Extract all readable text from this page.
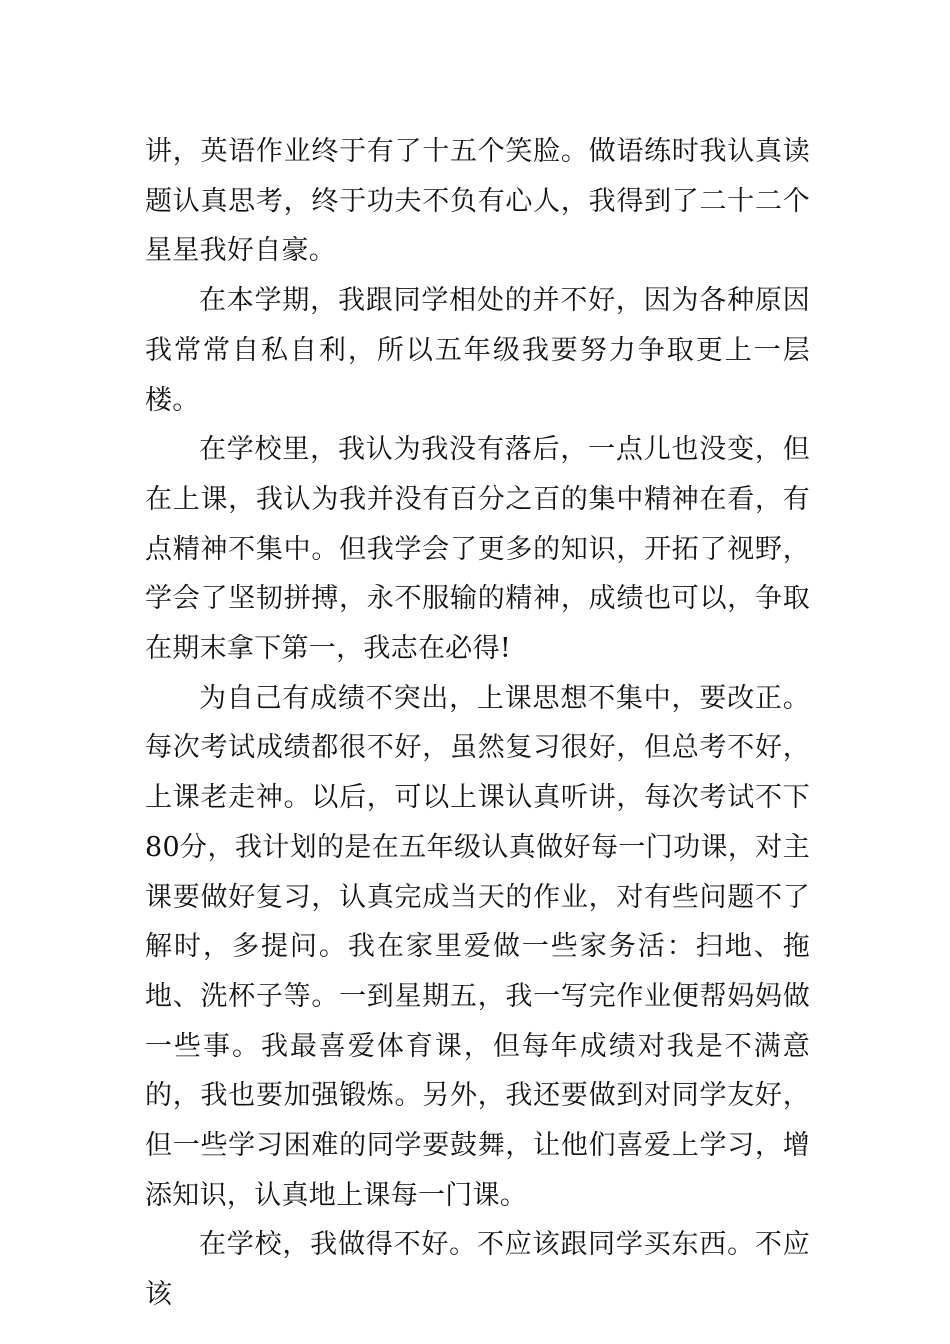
讲，英语作业终于有了十五个笑脸。做语练时我认真读题认真思考，终于功夫不负有心人，我得到了二十二个星星我好自豪。

在本学期，我跟同学相处的并不好，因为各种原因我常常自私自利，所以五年级我要努力争取更上一层楼。

在学校里，我认为我没有落后，一点儿也没变，但在上课，我认为我并没有百分之百的集中精神在看，有点精神不集中。但我学会了更多的知识，开拓了视野，学会了坚韧拼搏，永不服输的精神，成绩也可以，争取在期末拿下第一，我志在必得!

为自己有成绩不突出，上课思想不集中，要改正。每次考试成绩都很不好，虽然复习很好，但总考不好，上课老走神。以后，可以上课认真听讲，每次考试不下 80分，我计划的是在五年级认真做好每一门功课，对主课要做好复习，认真完成当天的作业，对有些问题不了解时，多提问。我在家里爱做一些家务活：扫地、拖地、洗杯子等。一到星期五，我一写完作业便帮妈妈做一些事。我最喜爱体育课，但每年成绩对我是不满意的，我也要加强锻炼。另外，我还要做到对同学友好，但一些学习困难的同学要鼓舞，让他们喜爱上学习，增添知识，认真地上课每一门课。

在学校，我做得不好。不应该跟同学买东西。不应该
